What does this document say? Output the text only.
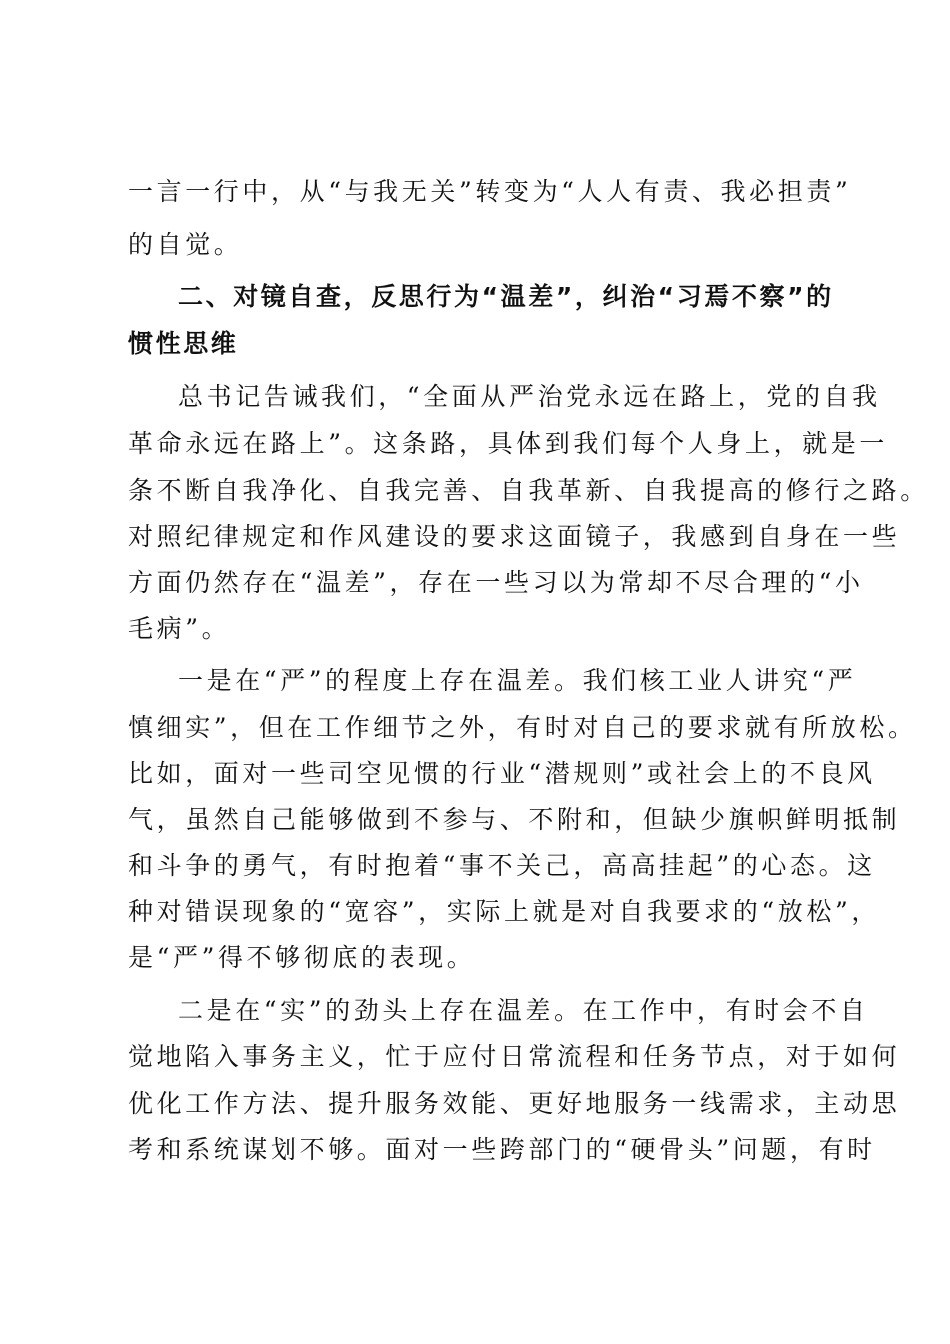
一言一行中，从“与我无关”转变为“人人有责、我必担责”
的自觉。
二、对镜自查，反思行为“温差”，纠治“习焉不察”的
惯性思维
总书记告诫我们，“全面从严治党永远在路上，党的自我
革命永远在路上”。这条路，具体到我们每个人身上，就是一
条不断自我净化、自我完善、自我革新、自我提高的修行之路。
对照纪律规定和作风建设的要求这面镜子，我感到自身在一些
方面仍然存在“温差”，存在一些习以为常却不尽合理的“小
毛病”。
一是在“严”的程度上存在温差。我们核工业人讲究“严
慎细实”，但在工作细节之外，有时对自己的要求就有所放松。
比如，面对一些司空见惯的行业“潜规则”或社会上的不良风
气，虽然自己能够做到不参与、不附和，但缺少旗帜鲜明抵制
和斗争的勇气，有时抱着“事不关己，高高挂起”的心态。这
种对错误现象的“宽容”，实际上就是对自我要求的“放松”，
是“严”得不够彻底的表现。
二是在“实”的劲头上存在温差。在工作中，有时会不自
觉地陷入事务主义，忙于应付日常流程和任务节点，对于如何
优化工作方法、提升服务效能、更好地服务一线需求，主动思
考和系统谋划不够。面对一些跨部门的“硬骨头”问题，有时
